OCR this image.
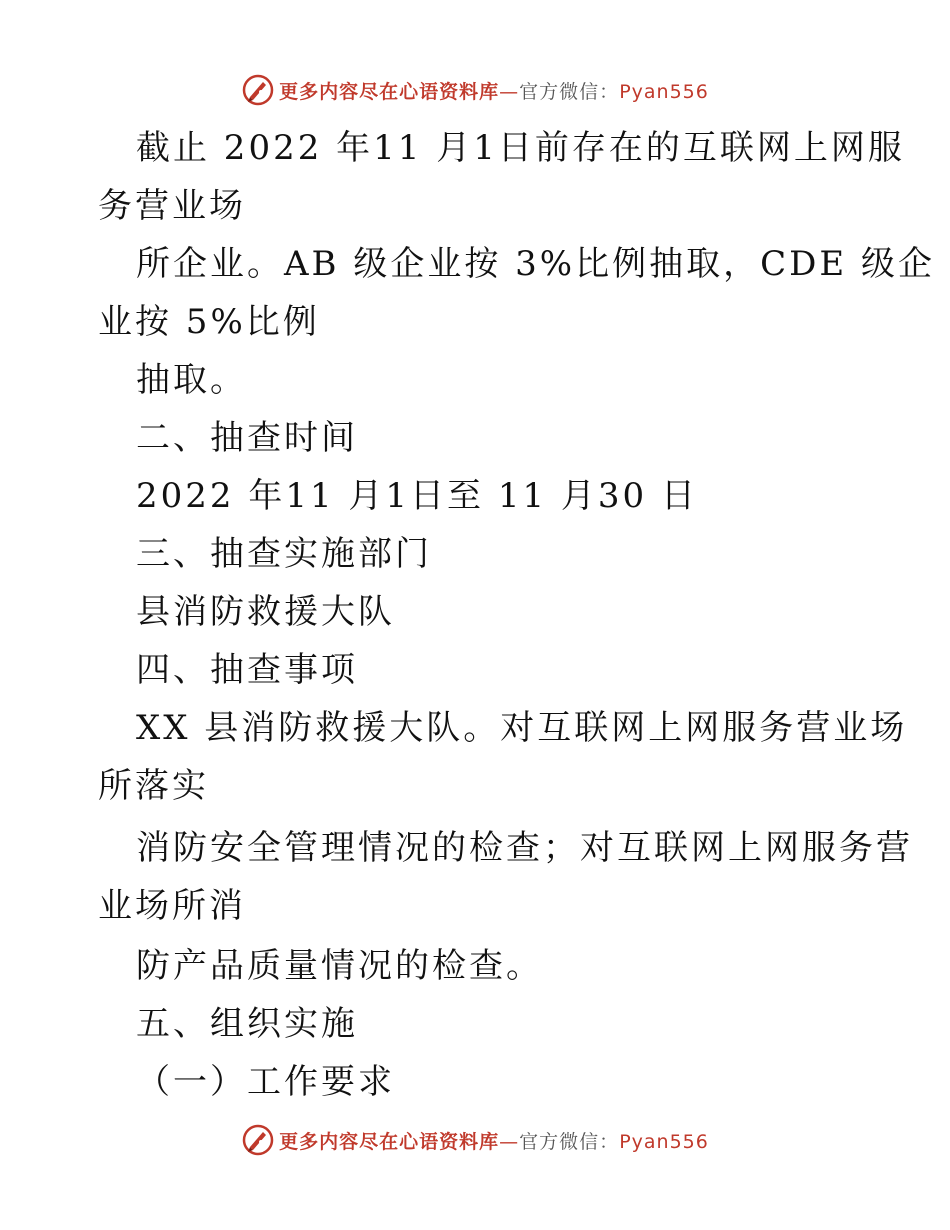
更多内容尽在心语资料库—官方微信：Pyan556
截止 2022 年11 月1日前存在的互联网上网服
务营业场
所企业。AB 级企业按 3%比例抽取，CDE 级企
业按 5%比例
抽取。
二、抽查时间
2022 年11 月1日至 11 月30 日
三、抽查实施部门
县消防救援大队
四、抽查事项
XX 县消防救援大队。对互联网上网服务营业场
所落实
消防安全管理情况的检查；对互联网上网服务营
业场所消
防产品质量情况的检查。
五、组织实施
（一）工作要求
更多内容尽在心语资料库—官方微信：Pyan556
